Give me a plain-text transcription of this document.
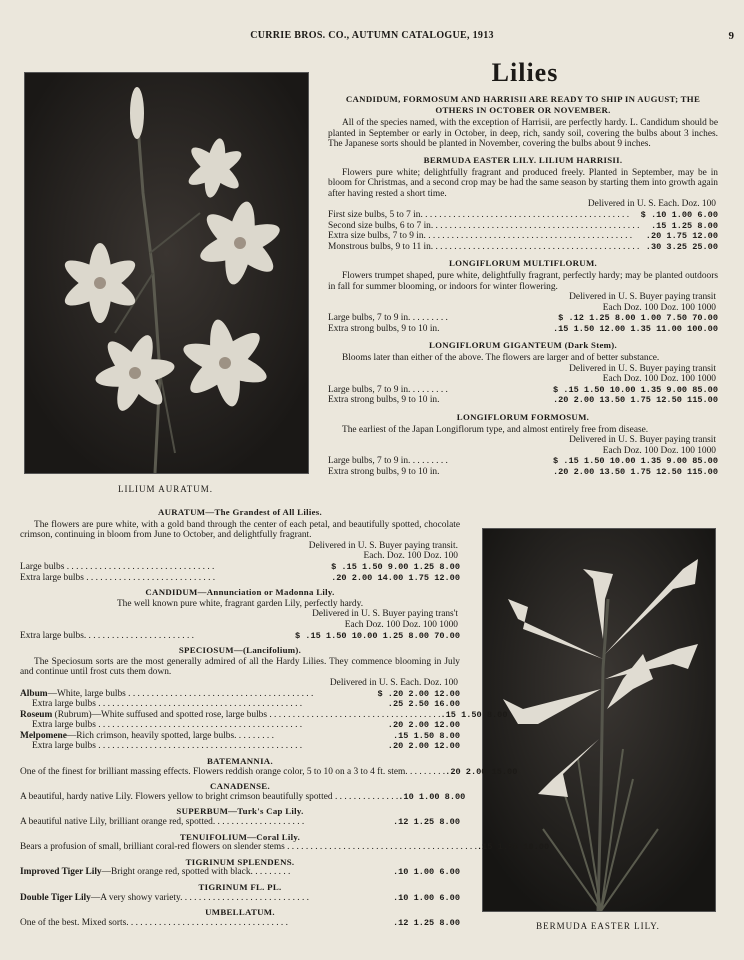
CURRIE BROS. CO., AUTUMN CATALOGUE, 1913	9
Lilies
LILIUM AURATUM.
BERMUDA EASTER LILY.

CANDIDUM, FORMOSUM AND HARRISII ARE READY TO SHIP IN AUGUST; THE OTHERS IN OCTOBER OR NOVEMBER.

All of the species named, with the exception of Harrisii, are perfectly hardy. L. Candidum should be planted in September or early in October, in deep, rich, sandy soil, covering the bulbs about 3 inches. The Japanese sorts should be planted in November, covering the bulbs about 9 inches.

BERMUDA EASTER LILY. LILIUM HARRISII.

Flowers pure white; delightfully fragrant and produced freely. Planted in September, may be in bloom for Christmas, and a second crop may be had the same season by starting them into growth again after having rested a short time.

Delivered in U. S. Each. Doz. 100
First size bulbs, 5 to 7 in. . . . . . . . . . . . . . . . . . . . . . . . . . . . . . . . . . . . . . . . . . . . .	$ .10 1.00 6.00
Second size bulbs, 6 to 7 in. . . . . . . . . . . . . . . . . . . . . . . . . . . . . . . . . . . . . . . . . . . . .	.15 1.25 8.00
Extra size bulbs, 7 to 9 in. . . . . . . . . . . . . . . . . . . . . . . . . . . . . . . . . . . . . . . . . . . . .	.20 1.75 12.00
Monstrous bulbs, 9 to 11 in. . . . . . . . . . . . . . . . . . . . . . . . . . . . . . . . . . . . . . . . . . . . . .30 3.25 25.00

LONGIFLORUM MULTIFLORUM.

Flowers trumpet shaped, pure white, delightfully fragrant, perfectly hardy; may be planted outdoors in fall for summer blooming, or indoors for winter flowering.

Delivered in U. S. Buyer paying transit
Each Doz. 100 Doz. 100 1000
Large bulbs, 7 to 9 in. . . . . . . . .	$ .12 1.25 8.00 1.00 7.50 70.00
Extra strong bulbs, 9 to 10 in.	.15 1.50 12.00 1.35 11.00 100.00

LONGIFLORUM GIGANTEUM (Dark Stem).

Blooms later than either of the above. The flowers are larger and of better substance.

Delivered in U. S. Buyer paying transit
Each Doz. 100 Doz. 100 1000
Large bulbs, 7 to 9 in. . . . . . . . .	$ .15 1.50 10.00 1.35 9.00 85.00
Extra strong bulbs, 9 to 10 in.	.20 2.00 13.50 1.75 12.50 115.00

LONGIFLORUM FORMOSUM.

The earliest of the Japan Longiflorum type, and almost entirely free from disease.

Delivered in U. S. Buyer paying transit
Each Doz. 100 Doz. 100 1000
Large bulbs, 7 to 9 in. . . . . . . . .	$ .15 1.50 10.00 1.35 9.00 85.00
Extra strong bulbs, 9 to 10 in.	.20 2.00 13.50 1.75 12.50 115.00

AURATUM—The Grandest of All Lilies.

The flowers are pure white, with a gold band through the center of each petal, and beautifully spotted, chocolate crimson, continuing in bloom from June to October, and delightfully fragrant.

Delivered in U. S. Buyer paying transit.
Each. Doz. 100 Doz. 100
Large bulbs . . . . . . . . . . . . . . . . . . . . . . . . . . . . . . . .	$ .15 1.50 9.00 1.25 8.00
Extra large bulbs . . . . . . . . . . . . . . . . . . . . . . . . . . . .	.20 2.00 14.00 1.75 12.00

CANDIDUM—Annunciation or Madonna Lily.

The well known pure white, fragrant garden Lily, perfectly hardy.

Delivered in U. S. Buyer paying trans't
Each Doz. 100 Doz. 100 1000
Extra large bulbs. . . . . . . . . . . . . . . . . . . . . . . .	$ .15 1.50 10.00 1.25 8.00 70.00

SPECIOSUM—(Lancifolium).

The Speciosum sorts are the most generally admired of all the Hardy Lilies. They commence blooming in July and continue until frost cuts them down.

Delivered in U. S. Each. Doz. 100
Album—White, large bulbs . . . . . . . . . . . . . . . . . . . . . . . . . . . . . . . . . . . . . . . .	$ .20 2.00 12.00
Extra large bulbs . . . . . . . . . . . . . . . . . . . . . . . . . . . . . . . . . . . . . . . . . . . .	.25 2.50 16.00
Roseum (Rubrum)—White suffused and spotted rose, large bulbs . . . . . . . . . . . . . . . . . . . . . . . . . . . . . . . . . . . . . .15 1.50 8.00
Extra large bulbs . . . . . . . . . . . . . . . . . . . . . . . . . . . . . . . . . . . . . . . . . . . .	.20 2.00 12.00
Melpomene—Rich crimson, heavily spotted, large bulbs. . . . . . . . .	.15 1.50 8.00
Extra large bulbs . . . . . . . . . . . . . . . . . . . . . . . . . . . . . . . . . . . . . . . . . . . .	.20 2.00 12.00

BATEMANNIA.

One of the finest for brilliant massing effects. Flowers reddish orange color, 5 to 10 on a 3 to 4 ft. stem. . . . . . . . . .20 2.00 15.00

CANADENSE.

A beautiful, hardy native Lily. Flowers yellow to bright crimson beautifully spotted . . . . . . . . . . . . . . .10 1.00 8.00

SUPERBUM—Turk's Cap Lily.

A beautiful native Lily, brilliant orange red, spotted. . . . . . . . . . . . . . . . . . . .	.12 1.25 8.00

TENUIFOLIUM—Coral Lily.

Bears a profusion of small, brilliant coral-red flowers on slender stems . . . . . . . . . . . . . . . . . . . . . . . . . . . . . . . . . . . . . . . . . .15 1.50 10.00

TIGRINUM SPLENDENS.

Improved Tiger Lily—Bright orange red, spotted with black. . . . . . . . .	.10 1.00 6.00

TIGRINUM FL. PL.

Double Tiger Lily—A very showy variety. . . . . . . . . . . . . . . . . . . . . . . . . . . .	.10 1.00 6.00

UMBELLATUM.

One of the best. Mixed sorts. . . . . . . . . . . . . . . . . . . . . . . . . . . . . . . . . . .	.12 1.25 8.00
